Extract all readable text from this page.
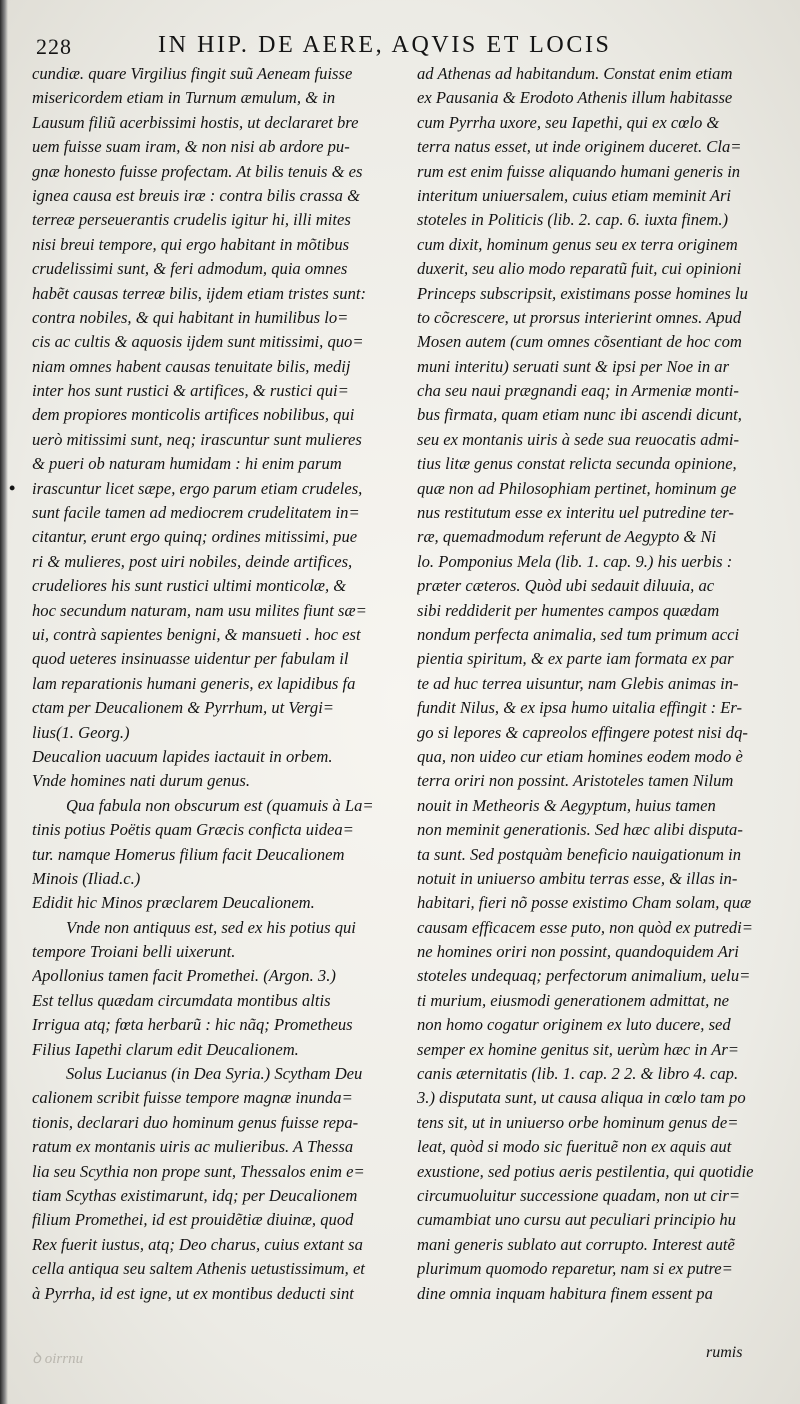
228	IN HIP. DE AERE, AQVIS ET LOCIS
•
cundiæ. quare Virgilius fingit suũ Aeneam fuisse
misericordem etiam in Turnum æmulum, & in
Lausum filiũ acerbissimi hostis, ut declararet bre
uem fuisse suam iram, & non nisi ab ardore pu-
gnæ honesto fuisse profectam. At bilis tenuis & es
ignea causa est breuis iræ : contra bilis crassa &
terreæ perseuerantis crudelis igitur hi, illi mites
nisi breui tempore, qui ergo habitant in mõtibus
crudelissimi sunt, & feri admodum, quia omnes
habẽt causas terreæ bilis, ijdem etiam tristes sunt:
contra nobiles, & qui habitant in humilibus lo=
cis ac cultis & aquosis ijdem sunt mitissimi, quo=
niam omnes habent causas tenuitate bilis, medij
inter hos sunt rustici & artifices, & rustici qui=
dem propiores monticolis artifices nobilibus, qui
uerò mitissimi sunt, neq; irascuntur sunt mulieres
& pueri ob naturam humidam : hi enim parum
irascuntur licet sæpe, ergo parum etiam crudeles,
sunt facile tamen ad mediocrem crudelitatem in=
citantur, erunt ergo quinq; ordines mitissimi, pue
ri & mulieres, post uiri nobiles, deinde artifices,
crudeliores his sunt rustici ultimi monticolæ, &
hoc secundum naturam, nam usu milites fiunt sæ=
ui, contrà sapientes benigni, & mansueti . hoc est
quod ueteres insinuasse uidentur per fabulam il
lam reparationis humani generis, ex lapidibus fa
ctam per Deucalionem & Pyrrhum, ut Vergi=
lius(1. Georg.)
Deucalion uacuum lapides iactauit in orbem.
Vnde homines nati durum genus.
Qua fabula non obscurum est (quamuis à La=
tinis potius Poëtis quam Græcis conficta uidea=
tur. namque Homerus filium facit Deucalionem
Minois (Iliad.c.)
Edidit hic Minos præclarem Deucalionem.
Vnde non antiquus est, sed ex his potius qui
tempore Troiani belli uixerunt.
Apollonius tamen facit Promethei. (Argon. 3.)
Est tellus quædam circumdata montibus altis
Irrigua atq; fœta herbarũ : hic nãq; Prometheus
Filius Iapethi clarum edit Deucalionem.
Solus Lucianus (in Dea Syria.) Scytham Deu
calionem scribit fuisse tempore magnæ inunda=
tionis, declarari duo hominum genus fuisse repa-
ratum ex montanis uiris ac mulieribus. A Thessa
lia seu Scythia non prope sunt, Thessalos enim e=
tiam Scythas existimarunt, idq; per Deucalionem
filium Promethei, id est prouidẽtiæ diuinæ, quod
Rex fuerit iustus, atq; Deo charus, cuius extant sa
cella antiqua seu saltem Athenis uetustissimum, et
à Pyrrha, id est igne, ut ex montibus deducti sint
ad Athenas ad habitandum. Constat enim etiam
ex Pausania & Erodoto Athenis illum habitasse
cum Pyrrha uxore, seu Iapethi, qui ex cœlo &
terra natus esset, ut inde originem duceret. Cla=
rum est enim fuisse aliquando humani generis in
interitum uniuersalem, cuius etiam meminit Ari
stoteles in Politicis (lib. 2. cap. 6. iuxta finem.)
cum dixit, hominum genus seu ex terra originem
duxerit, seu alio modo reparatũ fuit, cui opinioni
Princeps subscripsit, existimans posse homines lu
to cõcrescere, ut prorsus interierint omnes. Apud
Mosen autem (cum omnes cõsentiant de hoc com
muni interitu) seruati sunt & ipsi per Noe in ar
cha seu naui prægnandi eaq; in Armeniæ monti-
bus firmata, quam etiam nunc ibi ascendi dicunt,
seu ex montanis uiris à sede sua reuocatis admi-
tius litæ genus constat relicta secunda opinione,
quæ non ad Philosophiam pertinet, hominum ge
nus restitutum esse ex interitu uel putredine ter-
ræ, quemadmodum referunt de Aegypto & Ni
lo. Pomponius Mela (lib. 1. cap. 9.) his uerbis :
præter cæteros. Quòd ubi sedauit diluuia, ac
sibi reddiderit per humentes campos quædam
nondum perfecta animalia, sed tum primum acci
pientia spiritum, & ex parte iam formata ex par
te ad huc terrea uisuntur, nam Glebis animas in-
fundit Nilus, & ex ipsa humo uitalia effingit : Er-
go si lepores & capreolos effingere potest nisi dq-
qua, non uideo cur etiam homines eodem modo è
terra oriri non possint. Aristoteles tamen Nilum
nouit in Metheoris & Aegyptum, huius tamen
non meminit generationis. Sed hæc alibi disputa-
ta sunt. Sed postquàm beneficio nauigationum in
notuit in uniuerso ambitu terras esse, & illas in-
habitari, fieri nõ posse existimo Cham solam, quæ
causam efficacem esse puto, non quòd ex putredi=
ne homines oriri non possint, quandoquidem Ari
stoteles undequaq; perfectorum animalium, uelu=
ti murium, eiusmodi generationem admittat, ne
non homo cogatur originem ex luto ducere, sed
semper ex homine genitus sit, uerùm hæc in Ar=
canis æternitatis (lib. 1. cap. 2 2. & libro 4. cap.
3.) disputata sunt, ut causa aliqua in cœlo tam po
tens sit, ut in uniuerso orbe hominum genus de=
leat, quòd si modo sic fuerituẽ non ex aquis aut
exustione, sed potius aeris pestilentia, qui quotidie
circumuoluitur successione quadam, non ut cir=
cumambiat uno cursu aut peculiari principio hu
mani generis sublato aut corrupto. Interest autẽ
plurimum quomodo reparetur, nam si ex putre=
dine omnia inquam habitura finem essent pa
ꝺ oirrnu	rumis
